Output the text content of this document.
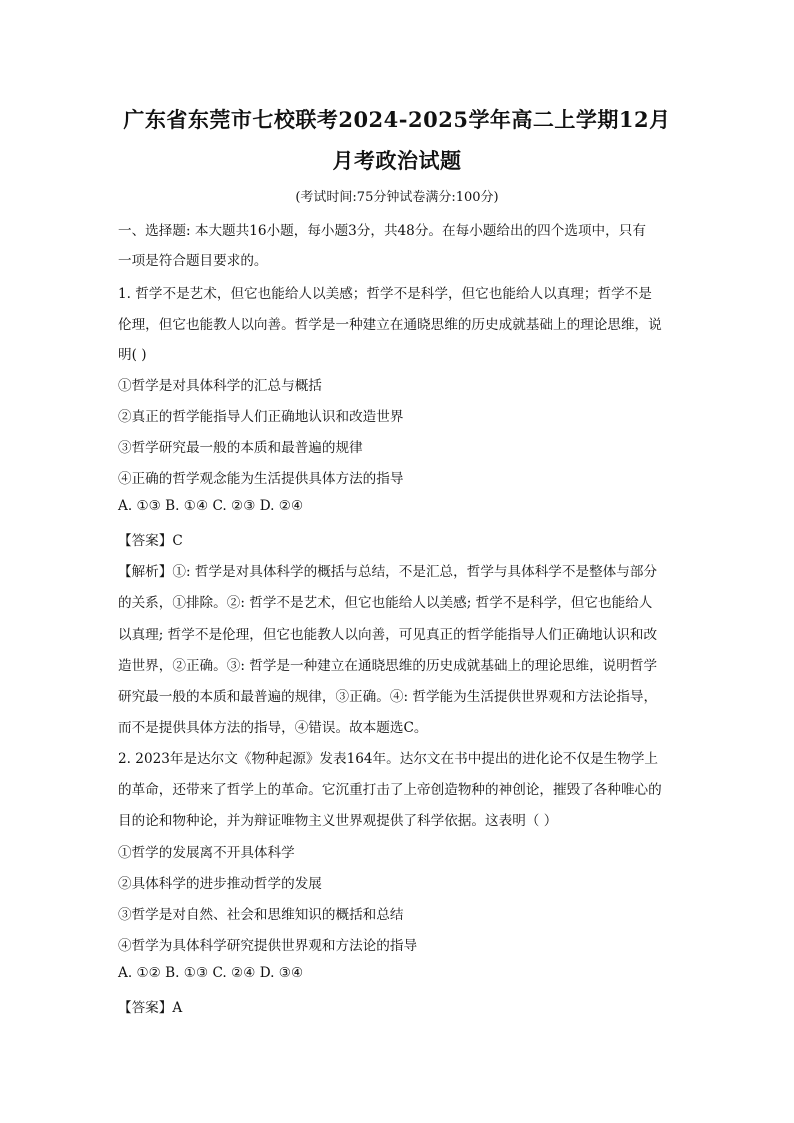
广东省东莞市七校联考2024-2025学年高二上学期12月
月考政治试题
(考试时间:75分钟试卷满分:100分)
一、选择题: 本大题共16小题，每小题3分，共48分。在每小题给出的四个选项中，只有
一项是符合题目要求的。
1. 哲学不是艺术，但它也能给人以美感；哲学不是科学，但它也能给人以真理；哲学不是
伦理，但它也能教人以向善。哲学是一种建立在通晓思维的历史成就基础上的理论思维，说
明( )
①哲学是对具体科学的汇总与概括
②真正的哲学能指导人们正确地认识和改造世界
③哲学研究最一般的本质和最普遍的规律
④正确的哲学观念能为生活提供具体方法的指导
A. ①③ B. ①④ C. ②③ D. ②④
【答案】C
【解析】①: 哲学是对具体科学的概括与总结，不是汇总，哲学与具体科学不是整体与部分
的关系，①排除。②: 哲学不是艺术，但它也能给人以美感; 哲学不是科学，但它也能给人
以真理; 哲学不是伦理，但它也能教人以向善，可见真正的哲学能指导人们正确地认识和改
造世界，②正确。③: 哲学是一种建立在通晓思维的历史成就基础上的理论思维，说明哲学
研究最一般的本质和最普遍的规律，③正确。④: 哲学能为生活提供世界观和方法论指导，
而不是提供具体方法的指导，④错误。故本题选C。
2. 2023年是达尔文《物种起源》发表164年。达尔文在书中提出的进化论不仅是生物学上
的革命，还带来了哲学上的革命。它沉重打击了上帝创造物种的神创论，摧毁了各种唯心的
目的论和物种论，并为辩证唯物主义世界观提供了科学依据。这表明（ ）
①哲学的发展离不开具体科学
②具体科学的进步推动哲学的发展
③哲学是对自然、社会和思维知识的概括和总结
④哲学为具体科学研究提供世界观和方法论的指导
A. ①② B. ①③ C. ②④ D. ③④
【答案】A
